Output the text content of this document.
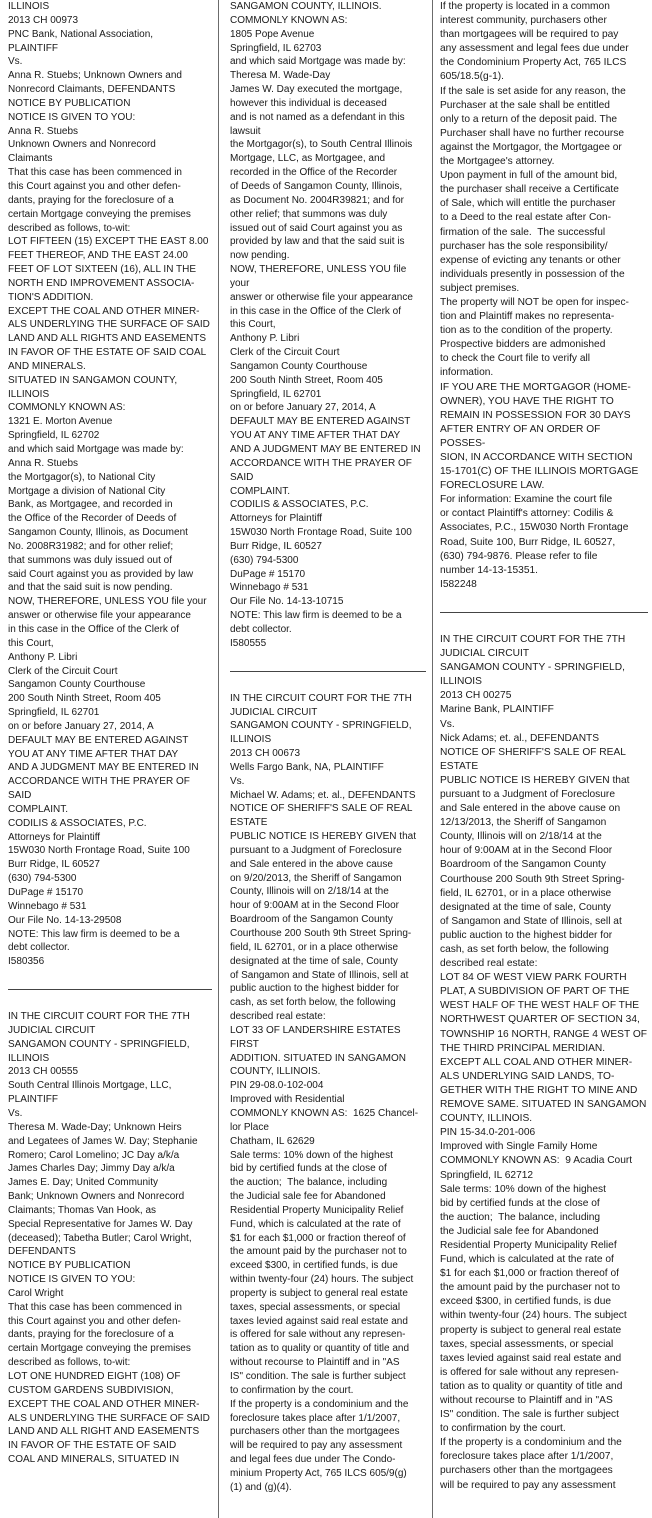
ILLINOIS
2013 CH 00973
PNC Bank, National Association,
PLAINTIFF
Vs.
Anna R. Stuebs; Unknown Owners and
Nonrecord Claimants, DEFENDANTS
NOTICE BY PUBLICATION
NOTICE IS GIVEN TO YOU:
Anna R. Stuebs
Unknown Owners and Nonrecord
Claimants
That this case has been commenced in
this Court against you and other defen-
dants, praying for the foreclosure of a
certain Mortgage conveying the premises
described as follows, to-wit:
LOT FIFTEEN (15) EXCEPT THE EAST 8.00
FEET THEREOF, AND THE EAST 24.00
FEET OF LOT SIXTEEN (16), ALL IN THE
NORTH END IMPROVEMENT ASSOCIA-
TION'S ADDITION.
EXCEPT THE COAL AND OTHER MINER-
ALS UNDERLYING THE SURFACE OF SAID
LAND AND ALL RIGHTS AND EASEMENTS
IN FAVOR OF THE ESTATE OF SAID COAL
AND MINERALS.
SITUATED IN SANGAMON COUNTY,
ILLINOIS
COMMONLY KNOWN AS:
1321 E. Morton Avenue
Springfield, IL 62702
and which said Mortgage was made by:
Anna R. Stuebs
the Mortgagor(s), to National City
Mortgage a division of National City
Bank, as Mortgagee, and recorded in
the Office of the Recorder of Deeds of
Sangamon County, Illinois, as Document
No. 2008R31982; and for other relief;
that summons was duly issued out of
said Court against you as provided by law
and that the said suit is now pending.
NOW, THEREFORE, UNLESS YOU file your
answer or otherwise file your appearance
in this case in the Office of the Clerk of
this Court,
Anthony P. Libri
Clerk of the Circuit Court
Sangamon County Courthouse
200 South Ninth Street, Room 405
Springfield, IL 62701
on or before January 27, 2014, A
DEFAULT MAY BE ENTERED AGAINST
YOU AT ANY TIME AFTER THAT DAY
AND A JUDGMENT MAY BE ENTERED IN
ACCORDANCE WITH THE PRAYER OF SAID
COMPLAINT.
CODILIS & ASSOCIATES, P.C.
Attorneys for Plaintiff
15W030 North Frontage Road, Suite 100
Burr Ridge, IL 60527
(630) 794-5300
DuPage # 15170
Winnebago # 531
Our File No. 14-13-29508
NOTE: This law firm is deemed to be a
debt collector.
I580356
IN THE CIRCUIT COURT FOR THE 7TH
JUDICIAL CIRCUIT
SANGAMON COUNTY - SPRINGFIELD,
ILLINOIS
2013 CH 00555
South Central Illinois Mortgage, LLC,
PLAINTIFF
Vs.
Theresa M. Wade-Day; Unknown Heirs
and Legatees of James W. Day; Stephanie
Romero; Carol Lomelino; JC Day a/k/a
James Charles Day; Jimmy Day a/k/a
James E. Day; United Community
Bank; Unknown Owners and Nonrecord
Claimants; Thomas Van Hook, as
Special Representative for James W. Day
(deceased); Tabetha Butler; Carol Wright,
DEFENDANTS
NOTICE BY PUBLICATION
NOTICE IS GIVEN TO YOU:
Carol Wright
That this case has been commenced in
this Court against you and other defen-
dants, praying for the foreclosure of a
certain Mortgage conveying the premises
described as follows, to-wit:
LOT ONE HUNDRED EIGHT (108) OF
CUSTOM GARDENS SUBDIVISION,
EXCEPT THE COAL AND OTHER MINER-
ALS UNDERLYING THE SURFACE OF SAID
LAND AND ALL RIGHT AND EASEMENTS
IN FAVOR OF THE ESTATE OF SAID
COAL AND MINERALS, SITUATED IN
SANGAMON COUNTY, ILLINOIS.
COMMONLY KNOWN AS:
1805 Pope Avenue
Springfield, IL 62703
and which said Mortgage was made by:
Theresa M. Wade-Day
James W. Day executed the mortgage,
however this individual is deceased
and is not named as a defendant in this
lawsuit
the Mortgagor(s), to South Central Illinois
Mortgage, LLC, as Mortgagee, and
recorded in the Office of the Recorder
of Deeds of Sangamon County, Illinois,
as Document No. 2004R39821; and for
other relief; that summons was duly
issued out of said Court against you as
provided by law and that the said suit is
now pending.
NOW, THEREFORE, UNLESS YOU file your
answer or otherwise file your appearance
in this case in the Office of the Clerk of
this Court,
Anthony P. Libri
Clerk of the Circuit Court
Sangamon County Courthouse
200 South Ninth Street, Room 405
Springfield, IL 62701
on or before January 27, 2014, A
DEFAULT MAY BE ENTERED AGAINST
YOU AT ANY TIME AFTER THAT DAY
AND A JUDGMENT MAY BE ENTERED IN
ACCORDANCE WITH THE PRAYER OF SAID
COMPLAINT.
CODILIS & ASSOCIATES, P.C.
Attorneys for Plaintiff
15W030 North Frontage Road, Suite 100
Burr Ridge, IL 60527
(630) 794-5300
DuPage # 15170
Winnebago # 531
Our File No. 14-13-10715
NOTE: This law firm is deemed to be a
debt collector.
I580555
IN THE CIRCUIT COURT FOR THE 7TH
JUDICIAL CIRCUIT
SANGAMON COUNTY - SPRINGFIELD,
ILLINOIS
2013 CH 00673
Wells Fargo Bank, NA, PLAINTIFF
Vs.
Michael W. Adams; et. al., DEFENDANTS
NOTICE OF SHERIFF'S SALE OF REAL
ESTATE
PUBLIC NOTICE IS HEREBY GIVEN that
pursuant to a Judgment of Foreclosure
and Sale entered in the above cause
on 9/20/2013, the Sheriff of Sangamon
County, Illinois will on 2/18/14 at the
hour of 9:00AM at in the Second Floor
Boardroom of the Sangamon County
Courthouse 200 South 9th Street Spring-
field, IL 62701, or in a place otherwise
designated at the time of sale, County
of Sangamon and State of Illinois, sell at
public auction to the highest bidder for
cash, as set forth below, the following
described real estate:
LOT 33 OF LANDERSHIRE ESTATES FIRST
ADDITION. SITUATED IN SANGAMON
COUNTY, ILLINOIS.
PIN 29-08.0-102-004
Improved with Residential
COMMONLY KNOWN AS:  1625 Chancel-
lor Place
Chatham, IL 62629
Sale terms: 10% down of the highest
bid by certified funds at the close of
the auction;  The balance, including
the Judicial sale fee for Abandoned
Residential Property Municipality Relief
Fund, which is calculated at the rate of
$1 for each $1,000 or fraction thereof of
the amount paid by the purchaser not to
exceed $300, in certified funds, is due
within twenty-four (24) hours. The subject
property is subject to general real estate
taxes, special assessments, or special
taxes levied against said real estate and
is offered for sale without any represen-
tation as to quality or quantity of title and
without recourse to Plaintiff and in "AS
IS" condition. The sale is further subject
to confirmation by the court.
If the property is a condominium and the
foreclosure takes place after 1/1/2007,
purchasers other than the mortgagees
will be required to pay any assessment
and legal fees due under The Condo-
minium Property Act, 765 ILCS 605/9(g)
(1) and (g)(4).
If the property is located in a common
interest community, purchasers other
than mortgagees will be required to pay
any assessment and legal fees due under
the Condominium Property Act, 765 ILCS
605/18.5(g-1).
If the sale is set aside for any reason, the
Purchaser at the sale shall be entitled
only to a return of the deposit paid. The
Purchaser shall have no further recourse
against the Mortgagor, the Mortgagee or
the Mortgagee's attorney.
Upon payment in full of the amount bid,
the purchaser shall receive a Certificate
of Sale, which will entitle the purchaser
to a Deed to the real estate after Con-
firmation of the sale.  The successful
purchaser has the sole responsibility/
expense of evicting any tenants or other
individuals presently in possession of the
subject premises.
The property will NOT be open for inspec-
tion and Plaintiff makes no representa-
tion as to the condition of the property.
Prospective bidders are admonished
to check the Court file to verify all
information.
IF YOU ARE THE MORTGAGOR (HOME-
OWNER), YOU HAVE THE RIGHT TO
REMAIN IN POSSESSION FOR 30 DAYS
AFTER ENTRY OF AN ORDER OF POSSES-
SION, IN ACCORDANCE WITH SECTION
15-1701(C) OF THE ILLINOIS MORTGAGE
FORECLOSURE LAW.
For information: Examine the court file
or contact Plaintiff's attorney: Codilis &
Associates, P.C., 15W030 North Frontage
Road, Suite 100, Burr Ridge, IL 60527,
(630) 794-9876. Please refer to file
number 14-13-15351.
I582248
IN THE CIRCUIT COURT FOR THE 7TH
JUDICIAL CIRCUIT
SANGAMON COUNTY - SPRINGFIELD,
ILLINOIS
2013 CH 00275
Marine Bank, PLAINTIFF
Vs.
Nick Adams; et. al., DEFENDANTS
NOTICE OF SHERIFF'S SALE OF REAL
ESTATE
PUBLIC NOTICE IS HEREBY GIVEN that
pursuant to a Judgment of Foreclosure
and Sale entered in the above cause on
12/13/2013, the Sheriff of Sangamon
County, Illinois will on 2/18/14 at the
hour of 9:00AM at in the Second Floor
Boardroom of the Sangamon County
Courthouse 200 South 9th Street Spring-
field, IL 62701, or in a place otherwise
designated at the time of sale, County
of Sangamon and State of Illinois, sell at
public auction to the highest bidder for
cash, as set forth below, the following
described real estate:
LOT 84 OF WEST VIEW PARK FOURTH
PLAT, A SUBDIVISION OF PART OF THE
WEST HALF OF THE WEST HALF OF THE
NORTHWEST QUARTER OF SECTION 34,
TOWNSHIP 16 NORTH, RANGE 4 WEST OF
THE THIRD PRINCIPAL MERIDIAN.
EXCEPT ALL COAL AND OTHER MINER-
ALS UNDERLYING SAID LANDS, TO-
GETHER WITH THE RIGHT TO MINE AND
REMOVE SAME. SITUATED IN SANGAMON
COUNTY, ILLINOIS.
PIN 15-34.0-201-006
Improved with Single Family Home
COMMONLY KNOWN AS:  9 Acadia Court
Springfield, IL 62712
Sale terms: 10% down of the highest
bid by certified funds at the close of
the auction;  The balance, including
the Judicial sale fee for Abandoned
Residential Property Municipality Relief
Fund, which is calculated at the rate of
$1 for each $1,000 or fraction thereof of
the amount paid by the purchaser not to
exceed $300, in certified funds, is due
within twenty-four (24) hours. The subject
property is subject to general real estate
taxes, special assessments, or special
taxes levied against said real estate and
is offered for sale without any represen-
tation as to quality or quantity of title and
without recourse to Plaintiff and in "AS
IS" condition. The sale is further subject
to confirmation by the court.
If the property is a condominium and the
foreclosure takes place after 1/1/2007,
purchasers other than the mortgagees
will be required to pay any assessment
